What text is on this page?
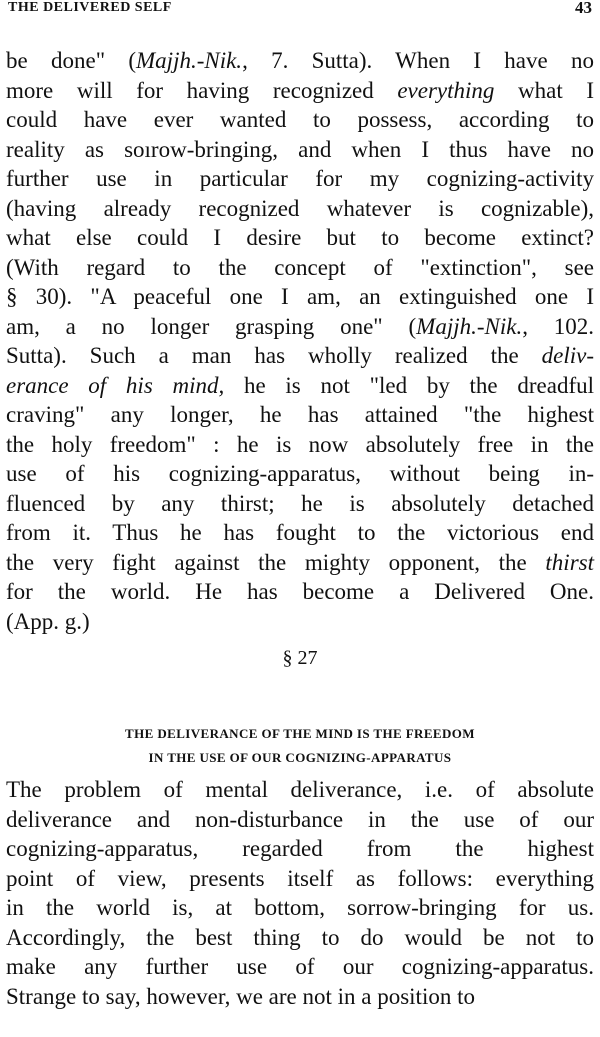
THE DELIVERED SELF	43
be done" (Majjh.-Nik., 7. Sutta). When I have no
more will for having recognized everything what I
could have ever wanted to possess, according to
reality as soırow-bringing, and when I thus have no
further use in particular for my cognizing-activity
(having already recognized whatever is cognizable),
what else could I desire but to become extinct?
(With regard to the concept of "extinction", see
§ 30). "A peaceful one I am, an extinguished one I
am, a no longer grasping one" (Majjh.-Nik., 102.
Sutta). Such a man has wholly realized the deliv-
erance of his mind, he is not "led by the dreadful
craving" any longer, he has attained "the highest
the holy freedom" : he is now absolutely free in the
use of his cognizing-apparatus, without being in-
fluenced by any thirst; he is absolutely detached
from it. Thus he has fought to the victorious end
the very fight against the mighty opponent, the thirst
for the world. He has become a Delivered One.
(App. g.)
§ 27
THE DELIVERANCE OF THE MIND IS THE FREEDOM
IN THE USE OF OUR COGNIZING-APPARATUS
The problem of mental deliverance, i.e. of absolute
deliverance and non-disturbance in the use of our
cognizing-apparatus, regarded from the highest
point of view, presents itself as follows: everything
in the world is, at bottom, sorrow-bringing for us.
Accordingly, the best thing to do would be not to
make any further use of our cognizing-apparatus.
Strange to say, however, we are not in a position to
